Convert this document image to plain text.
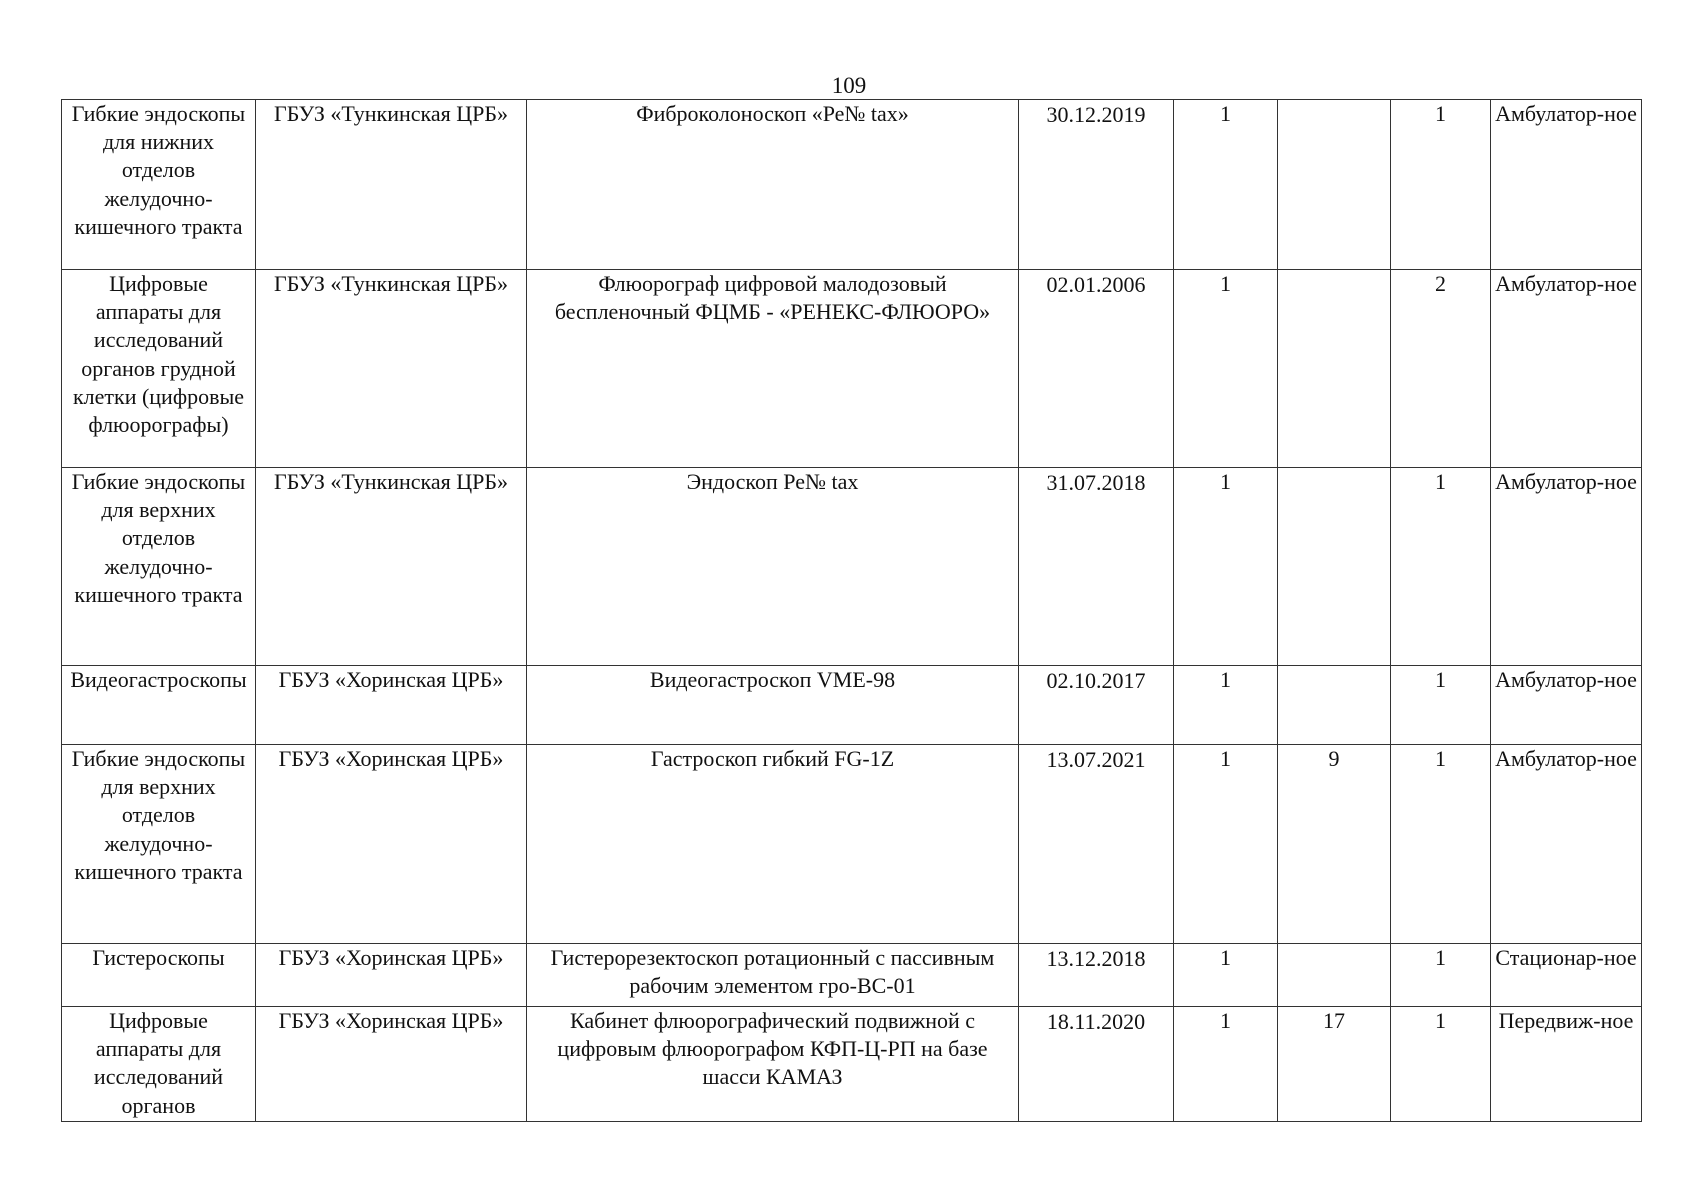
109
Гибкие эндоскопы для нижних отделов желудочно-кишечного тракта	ГБУЗ «Тункинская ЦРБ»	Фиброколоноскоп «Ре№ tax»	30.12.2019	1		1	Амбулатор-ное
Цифровые аппараты для исследований органов грудной клетки (цифровые флюорографы)	ГБУЗ «Тункинская ЦРБ»	Флюорограф цифровой малодозовый беспленочный ФЦМБ - «РЕНЕКС-ФЛЮОРО»	02.01.2006	1		2	Амбулатор-ное
Гибкие эндоскопы для верхних отделов желудочно-кишечного тракта	ГБУЗ «Тункинская ЦРБ»	Эндоскоп Ре№ tax	31.07.2018	1		1	Амбулатор-ное
Видеогастроскопы	ГБУЗ «Хоринская ЦРБ»	Видеогастроскоп VME-98	02.10.2017	1		1	Амбулатор-ное
Гибкие эндоскопы для верхних отделов желудочно-кишечного тракта	ГБУЗ «Хоринская ЦРБ»	Гастроскоп гибкий FG-1Z	13.07.2021	1	9	1	Амбулатор-ное
Гистероскопы	ГБУЗ «Хоринская ЦРБ»	Гистерорезектоскоп ротационный с пассивным рабочим элементом гро-ВС-01	13.12.2018	1		1	Стационар-ное
Цифровые аппараты для исследований органов	ГБУЗ «Хоринская ЦРБ»	Кабинет флюорографический подвижной с цифровым флюорографом КФП-Ц-РП на базе шасси КАМАЗ	18.11.2020	1	17	1	Передвиж-ное
